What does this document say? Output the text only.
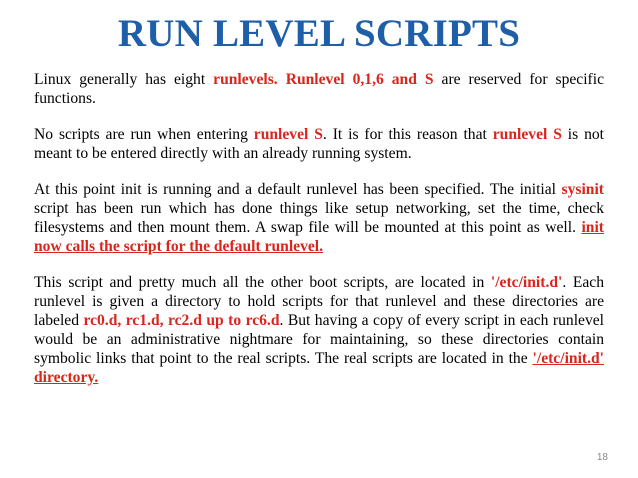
RUN LEVEL SCRIPTS

Linux generally has eight runlevels. Runlevel 0,1,6 and S are reserved for specific functions.

No scripts are run when entering runlevel S. It is for this reason that runlevel S is not meant to be entered directly with an already running system.

At this point init is running and a default runlevel has been specified. The initial sysinit script has been run which has done things like setup networking, set the time, check filesystems and then mount them. A swap file will be mounted at this point as well. init now calls the script for the default runlevel.

This script and pretty much all the other boot scripts, are located in '/etc/init.d'. Each runlevel is given a directory to hold scripts for that runlevel and these directories are labeled rc0.d, rc1.d, rc2.d up to rc6.d. But having a copy of every script in each runlevel would be an administrative nightmare for maintaining, so these directories contain symbolic links that point to the real scripts. The real scripts are located in the '/etc/init.d' directory.

18
